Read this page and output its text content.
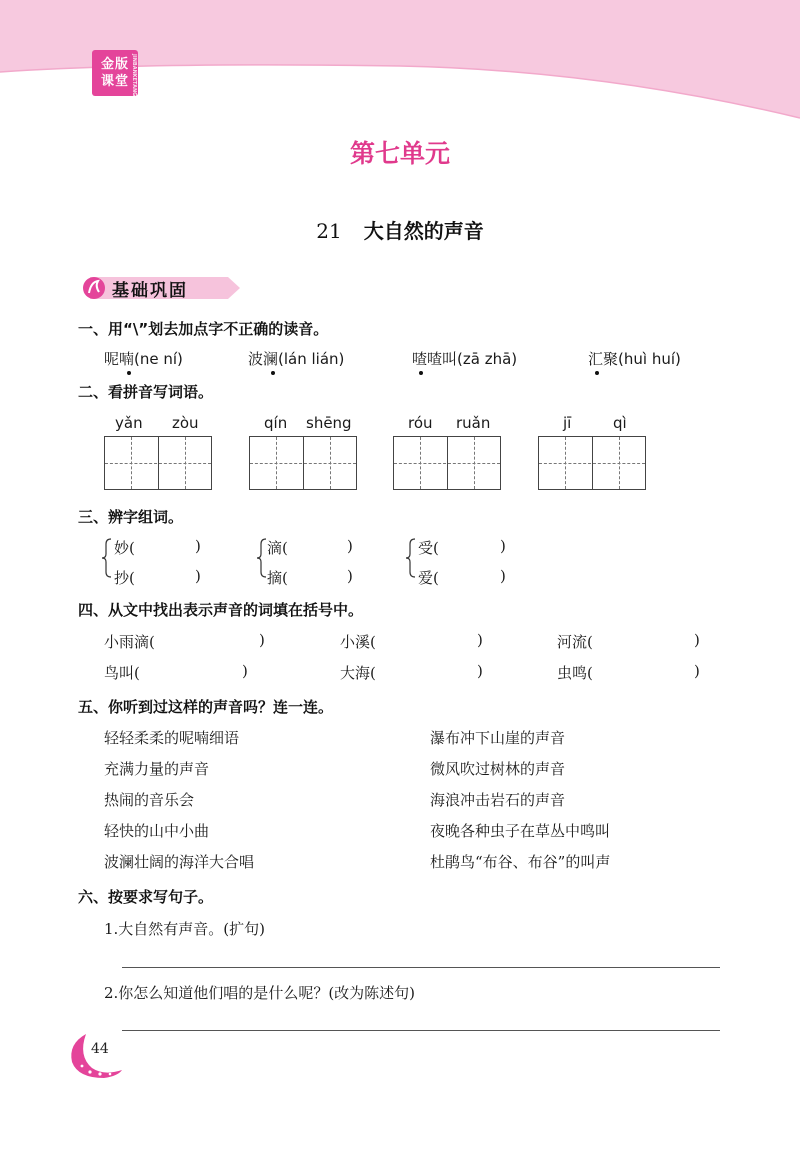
金版
课堂 JINBANKETANG
第七单元
21 大自然的声音
基础巩固
一、用“\”划去加点字不正确的读音。
呢喃(ne ní)	波澜(lán lián)	喳喳叫(zā zhā)	汇聚(huì huí)
二、看拼音写词语。
yǎn zòu	qín shēng	róu ruǎn	jī	qì
三、辨字组词。
妙(	)
抄(	)
滴(	)
摘(	)
受(	)
爱(	)
四、从文中找出表示声音的词填在括号中。
小雨滴(	)	小溪(	)	河流(	)
鸟叫(	)	大海(	)	虫鸣(	)
五、你听到过这样的声音吗？连一连。
轻轻柔柔的呢喃细语
充满力量的声音
热闹的音乐会
轻快的山中小曲
波澜壮阔的海洋大合唱
瀑布冲下山崖的声音
微风吹过树林的声音
海浪冲击岩石的声音
夜晚各种虫子在草丛中鸣叫
杜鹃鸟“布谷、布谷”的叫声
六、按要求写句子。
1.大自然有声音。(扩句)
2.你怎么知道他们唱的是什么呢？(改为陈述句)
44
